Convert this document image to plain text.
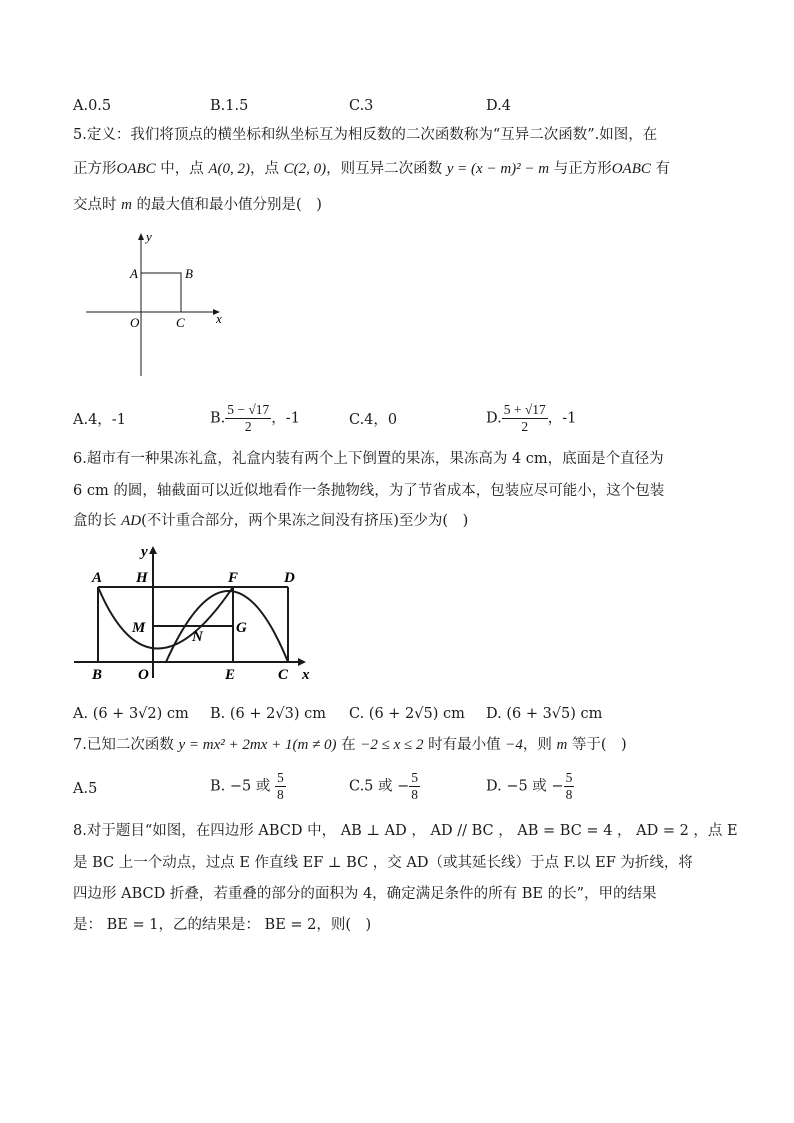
A.0.5	B.1.5	C.3	D.4
5.定义：我们将顶点的横坐标和纵坐标互为相反数的二次函数称为“互异二次函数”.如图，在
正方形OABC 中，点 A(0, 2)，点 C(2, 0)，则互异二次函数 y = (x − m)² − m 与正方形OABC 有
交点时 m 的最大值和最小值分别是(　)
y
x
A	B
O	C
A.4，-1	B. $\frac{5 - √17}{2}$ ，-1	C.4，0	D. $\frac{5 + √17}{2}$ ，-1
6.超市有一种果冻礼盒，礼盒内装有两个上下倒置的果冻，果冻高为 4 cm，底面是个直径为
6 cm 的圆，轴截面可以近似地看作一条抛物线，为了节省成本，包装应尽可能小，这个包装
盒的长 AD(不计重合部分，两个果冻之间没有挤压)至少为(　)
y
A H	F	D
M
N
G
B O	E	C x
A. (6 + 3√2) cm B. (6 + 2√3) cm C. (6 + 2√5) cm D. (6 + 3√5) cm
7.已知二次函数 y = mx² + 2mx + 1(m ≠ 0) 在 −2 ≤ x ≤ 2 时有最小值 −4，则 m 等于(　)
A.5	B. −5 或 $\frac{5}{8}$	C.5 或 − $\frac{5}{8}$	D. −5 或 − $\frac{5}{8}$
8.对于题目“如图，在四边形 ABCD 中， AB ⊥ AD ， AD // BC ， AB = BC = 4 ， AD = 2 ，点 E
是 BC 上一个动点，过点 E 作直线 EF ⊥ BC ，交 AD（或其延长线）于点 F.以 EF 为折线，将
四边形 ABCD 折叠，若重叠的部分的面积为 4，确定满足条件的所有 BE 的长”，甲的结果
是： BE = 1，乙的结果是： BE = 2，则(　)
